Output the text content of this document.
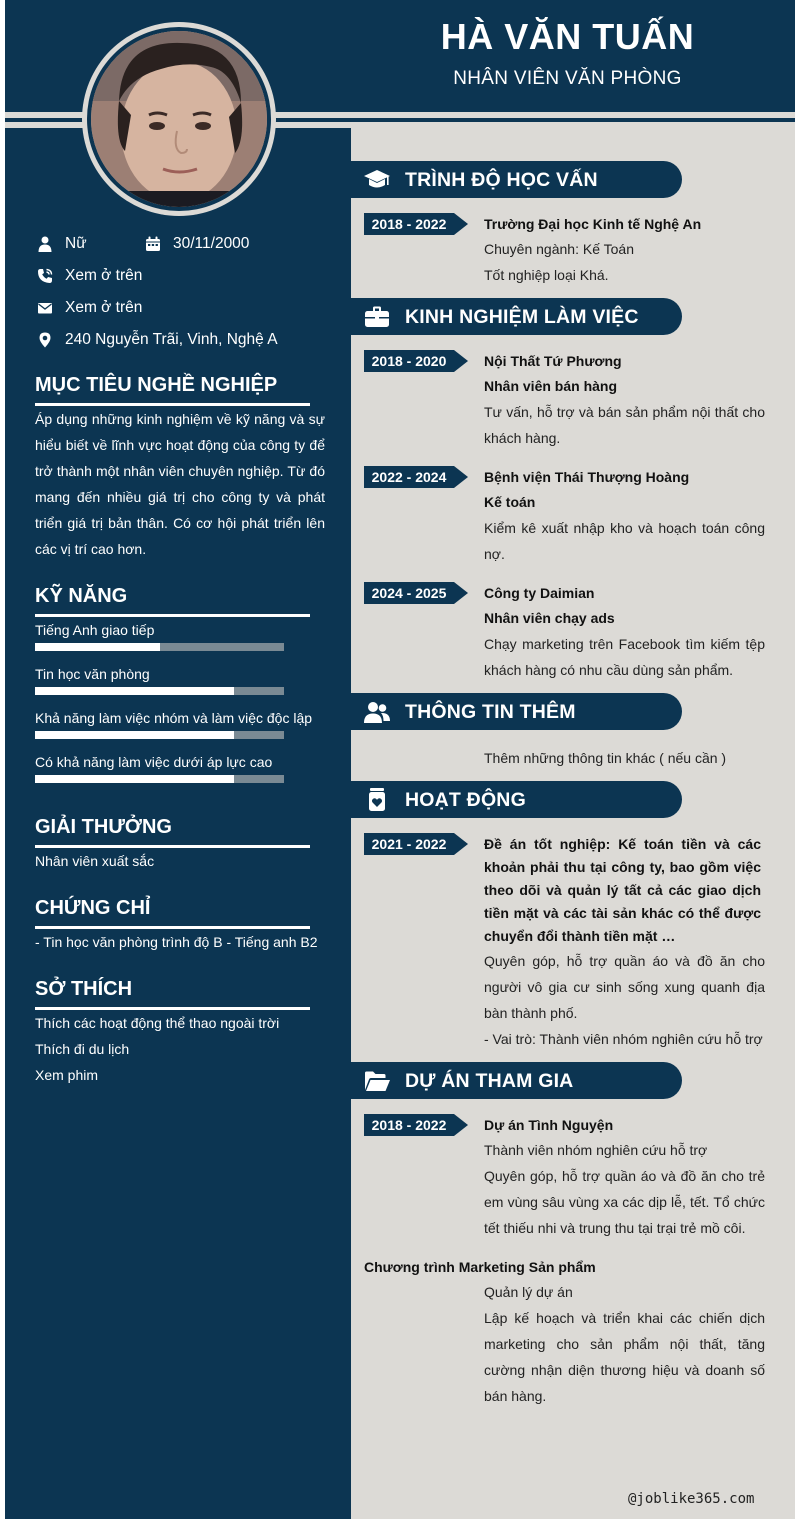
HÀ VĂN TUẤN
NHÂN VIÊN VĂN PHÒNG
Nữ	30/11/2000
Xem ở trên
Xem ở trên
240 Nguyễn Trãi, Vinh, Nghệ A
MỤC TIÊU NGHỀ NGHIỆP
Áp dụng những kinh nghiệm về kỹ năng và sự hiểu biết về lĩnh vực hoạt động của công ty để trở thành một nhân viên chuyên nghiệp. Từ đó mang đến nhiều giá trị cho công ty và phát triển giá trị bản thân. Có cơ hội phát triển lên các vị trí cao hơn.
KỸ NĂNG
Tiếng Anh giao tiếp
Tin học văn phòng
Khả năng làm việc nhóm và làm việc độc lập
Có khả năng làm việc dưới áp lực cao
GIẢI THƯỞNG
Nhân viên xuất sắc
CHỨNG CHỈ
- Tin học văn phòng trình độ B - Tiếng anh B2
SỞ THÍCH
Thích các hoạt động thể thao ngoài trời
Thích đi du lịch
Xem phim
TRÌNH ĐỘ HỌC VẤN
2018 - 2022	Trường Đại học Kinh tế Nghệ An
Chuyên ngành: Kế Toán
Tốt nghiệp loại Khá.
KINH NGHIỆM LÀM VIỆC
2018 - 2020	Nội Thất Tứ Phương
Nhân viên bán hàng
Tư vấn, hỗ trợ và bán sản phẩm nội thất cho khách hàng.
2022 - 2024	Bệnh viện Thái Thượng Hoàng
Kế toán
Kiểm kê xuất nhập kho và hoạch toán công nợ.
2024 - 2025	Công ty Daimian
Nhân viên chạy ads
Chạy marketing trên Facebook tìm kiếm tệp khách hàng có nhu cầu dùng sản phẩm.
THÔNG TIN THÊM
Thêm những thông tin khác ( nếu cần )
HOẠT ĐỘNG
2021 - 2022	Đề án tốt nghiệp: Kế toán tiền và các khoản phải thu tại công ty, bao gồm việc theo dõi và quản lý tất cả các giao dịch tiền mặt và các tài sản khác có thể được chuyển đổi thành tiền mặt …
Quyên góp, hỗ trợ quần áo và đồ ăn cho người vô gia cư sinh sống xung quanh địa bàn thành phố.
- Vai trò: Thành viên nhóm nghiên cứu hỗ trợ
DỰ ÁN THAM GIA
2018 - 2022	Dự án Tình Nguyện
Thành viên nhóm nghiên cứu hỗ trợ
Quyên góp, hỗ trợ quần áo và đồ ăn cho trẻ em vùng sâu vùng xa các dịp lễ, tết. Tổ chức tết thiếu nhi và trung thu tại trại trẻ mồ côi.
Chương trình Marketing Sản phẩm
Quản lý dự án
Lập kế hoạch và triển khai các chiến dịch marketing cho sản phẩm nội thất, tăng cường nhận diện thương hiệu và doanh số bán hàng.
@joblike365.com
